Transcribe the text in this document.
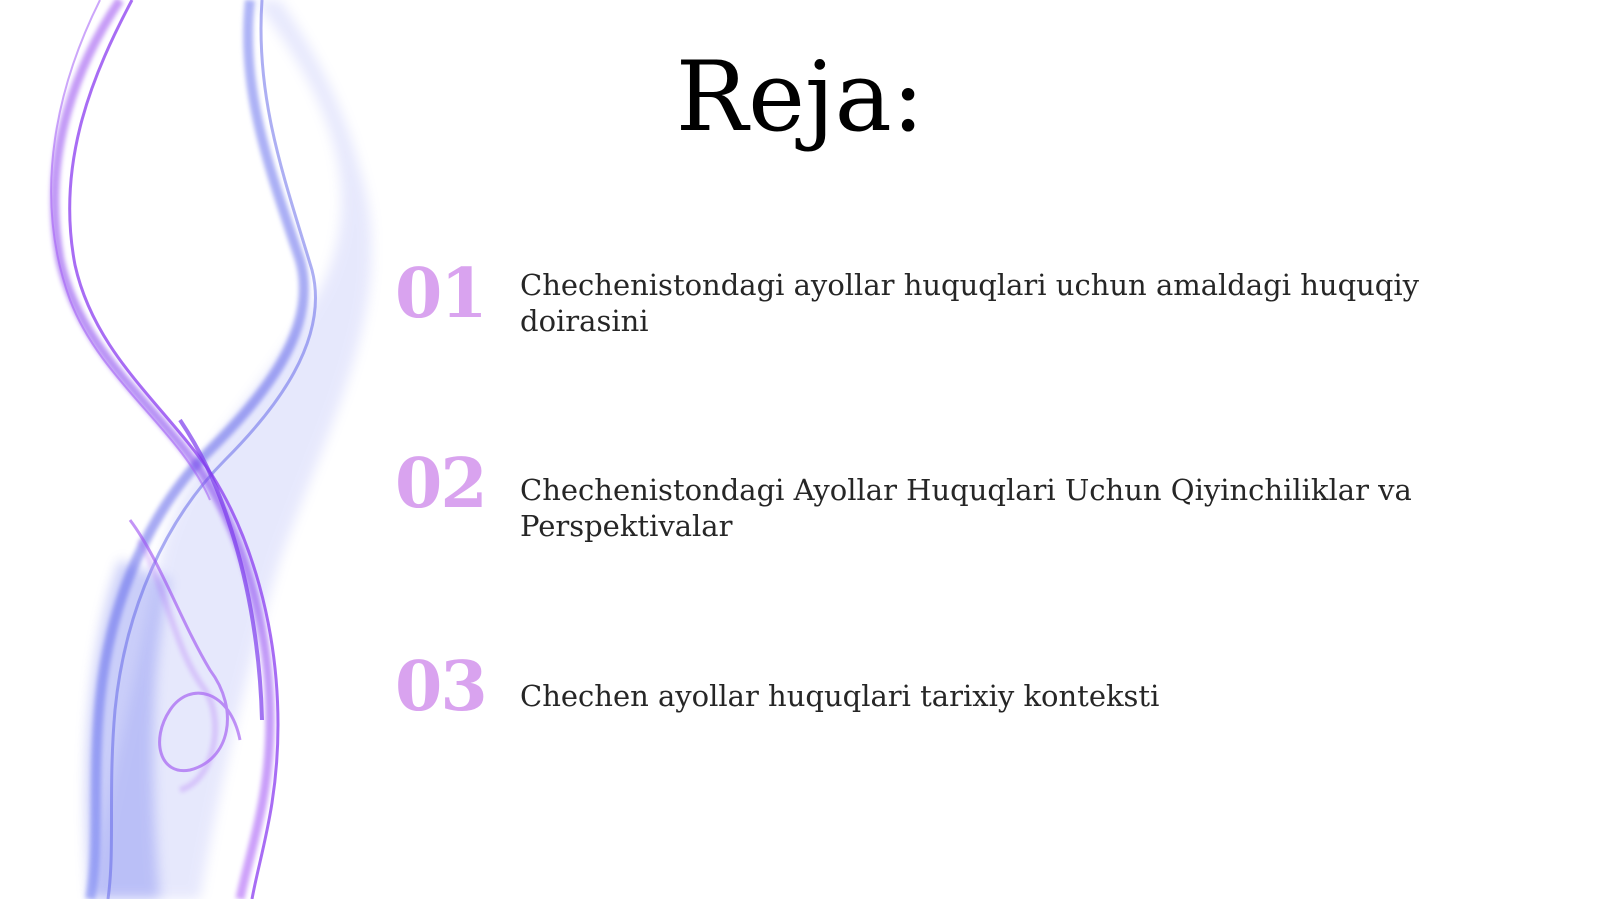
Reja:
01	Chechenistondagi ayollar huquqlari uchun amaldagi huquqiy doirasini
02	Chechenistondagi Ayollar Huquqlari Uchun Qiyinchiliklar va Perspektivalar
03	Chechen ayollar huquqlari tarixiy konteksti
